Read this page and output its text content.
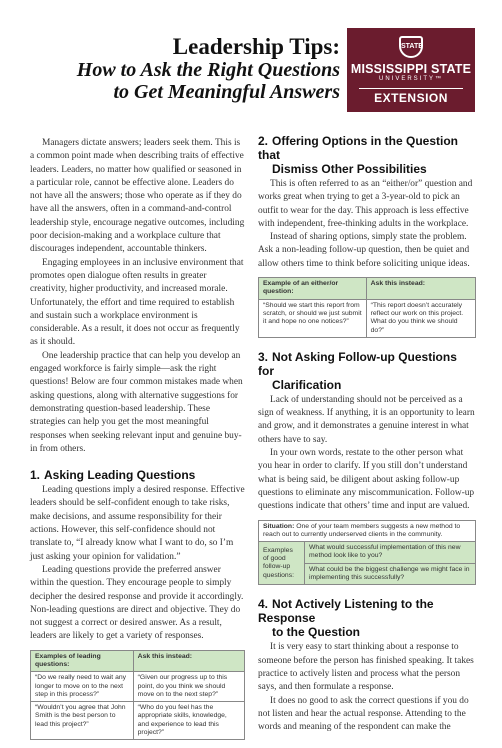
Leadership Tips:
How to Ask the Right Questions
to Get Meaningful Answers
STATE
MISSISSIPPI STATE
UNIVERSITY™
EXTENSION

Managers dictate answers; leaders seek them. This is a common point made when describing traits of effective leaders. Leaders, no matter how qualified or seasoned in a particular role, cannot be effective alone. Leaders do not have all the answers; those who operate as if they do have all the answers, often in a command-and-control leadership style, encourage negative outcomes, including poor decision-making and a workplace culture that discourages independent, accountable thinkers.

Engaging employees in an inclusive environment that promotes open dialogue often results in greater creativity, higher productivity, and increased morale. Unfortunately, the effort and time required to establish and sustain such a workplace environment is considerable. As a result, it does not occur as frequently as it should.

One leadership practice that can help you develop an engaged workforce is fairly simple—ask the right questions! Below are four common mistakes made when asking questions, along with alternative suggestions for demonstrating question-based leadership. These strategies can help you get the most meaningful responses when seeking relevant input and genuine buy-in from others.

1. Asking Leading Questions

Leading questions imply a desired response. Effective leaders should be self-confident enough to take risks, make decisions, and assume responsibility for their actions. However, this self-confidence should not translate to, “I already know what I want to do, so I’m just asking your opinion for validation.”

Leading questions provide the preferred answer within the question. They encourage people to simply decipher the desired response and provide it accordingly. Non-leading questions are direct and objective. They do not suggest a correct or desired answer. As a result, leaders are likely to get a variety of responses.

Examples of leading questions:	Ask this instead:
“Do we really need to wait any longer to move on to the next step in this process?”	“Given our progress up to this point, do you think we should move on to the next step?”
“Wouldn’t you agree that John Smith is the best person to lead this project?”	“Who do you feel has the appropriate skills, knowledge, and experience to lead this project?”
2. Offering Options in the Question that
Dismiss Other Possibilities

This is often referred to as an “either/or” question and works great when trying to get a 3-year-old to pick an outfit to wear for the day. This approach is less effective with independent, free-thinking adults in the workplace.

Instead of sharing options, simply state the problem. Ask a non-leading follow-up question, then be quiet and allow others time to think before soliciting unique ideas.

Example of an either/or question:	Ask this instead:
“Should we start this report from scratch, or should we just submit it and hope no one notices?”	“This report doesn’t accurately reflect our work on this project. What do you think we should do?”
3. Not Asking Follow-up Questions for
Clarification

Lack of understanding should not be perceived as a sign of weakness. If anything, it is an opportunity to learn and grow, and it demonstrates a genuine interest in what others have to say.

In your own words, restate to the other person what you hear in order to clarify. If you still don’t understand what is being said, be diligent about asking follow-up questions to eliminate any miscommunication. Follow-up questions indicate that others’ time and input are valued.

Situation: One of your team members suggests a new method to reach out to currently underserved clients in the community.
Examples of good follow-up questions:	What would successful implementation of this new method look like to you?
What could be the biggest challenge we might face in implementing this successfully?
4. Not Actively Listening to the Response
to the Question

It is very easy to start thinking about a response to someone before the person has finished speaking. It takes practice to actively listen and process what the person says, and then formulate a response.

It does no good to ask the correct questions if you do not listen and hear the actual response. Attending to the words and meaning of the respondent can make the
